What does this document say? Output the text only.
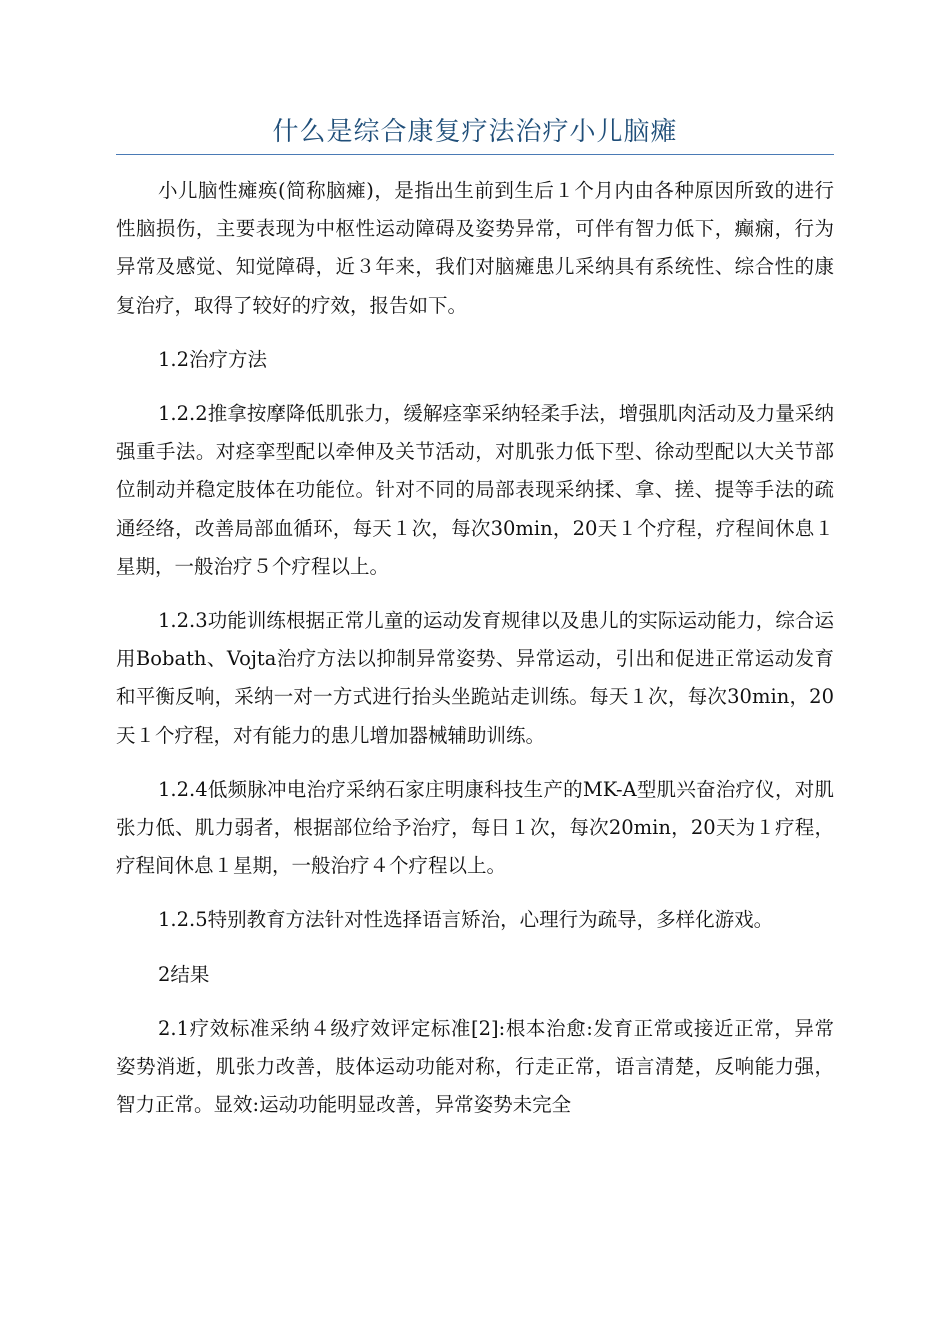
什么是综合康复疗法治疗小儿脑瘫

小儿脑性瘫痪(简称脑瘫)，是指出生前到生后１个月内由各种原因所致的进行性脑损伤，主要表现为中枢性运动障碍及姿势异常，可伴有智力低下，癫痫，行为异常及感觉、知觉障碍，近３年来，我们对脑瘫患儿采纳具有系统性、综合性的康复治疗，取得了较好的疗效，报告如下。

1.2治疗方法

1.2.2推拿按摩降低肌张力，缓解痉挛采纳轻柔手法，增强肌肉活动及力量采纳强重手法。对痉挛型配以牵伸及关节活动，对肌张力低下型、徐动型配以大关节部位制动并稳定肢体在功能位。针对不同的局部表现采纳揉、拿、搓、提等手法的疏通经络，改善局部血循环，每天１次，每次30min，20天１个疗程，疗程间休息１星期，一般治疗５个疗程以上。

1.2.3功能训练根据正常儿童的运动发育规律以及患儿的实际运动能力，综合运用Bobath、Vojta治疗方法以抑制异常姿势、异常运动，引出和促进正常运动发育和平衡反响，采纳一对一方式进行抬头坐跪站走训练。每天１次，每次30min，20天１个疗程，对有能力的患儿增加器械辅助训练。

1.2.4低频脉冲电治疗采纳石家庄明康科技生产的MK-A型肌兴奋治疗仪，对肌张力低、肌力弱者，根据部位给予治疗，每日１次，每次20min，20天为１疗程，疗程间休息１星期，一般治疗４个疗程以上。

1.2.5特别教育方法针对性选择语言矫治，心理行为疏导，多样化游戏。

2结果

2.1疗效标准采纳４级疗效评定标准[2]:根本治愈:发育正常或接近正常，异常姿势消逝，肌张力改善，肢体运动功能对称，行走正常，语言清楚，反响能力强，智力正常。显效:运动功能明显改善，异常姿势未完全
